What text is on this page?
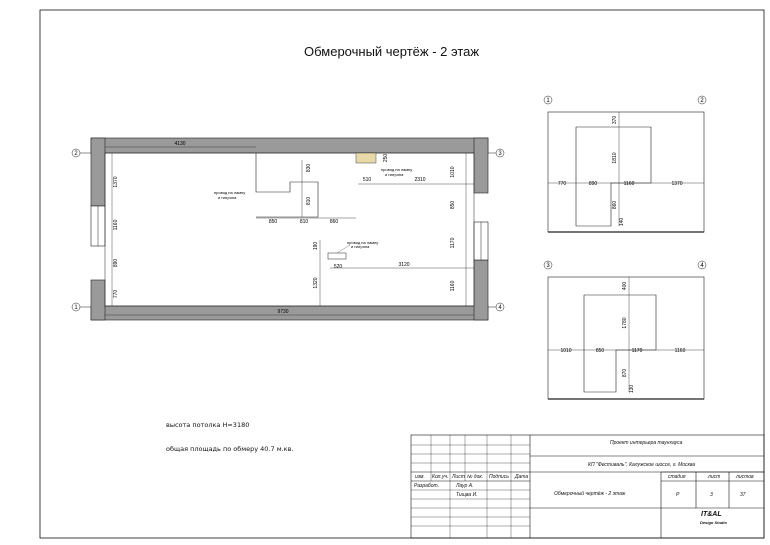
4130
9730
1370
1160
890
770
1010
850
1170
1160
830
810
850	810	860
250
510	2310
190
520	3120
1320
провод на лампу
и патрона
провод на лампу
и патрона
провод на лампу
и патрона
2	3
1	4
1	2
370
1810
770	890	1160	1370
860
140
3	4
400
1780
1010	850	1170	1160
870
130
Обмерочный чертёж - 2 этаж
высота потолка H=3180
общая площадь по обмеру 40.7 м.кв.
Проект интерьера таунхауса
КП "Фестиваль", Калужское шоссе, г. Москва
изм. Кол.уч. Лист № док. Подпись Дата
Разработ.	Лаур А.
Тищва И.	Обмерочный чертёж - 2 этаж
стадия	лист	листов
Р	3	37
IT&AL
Design Studio
